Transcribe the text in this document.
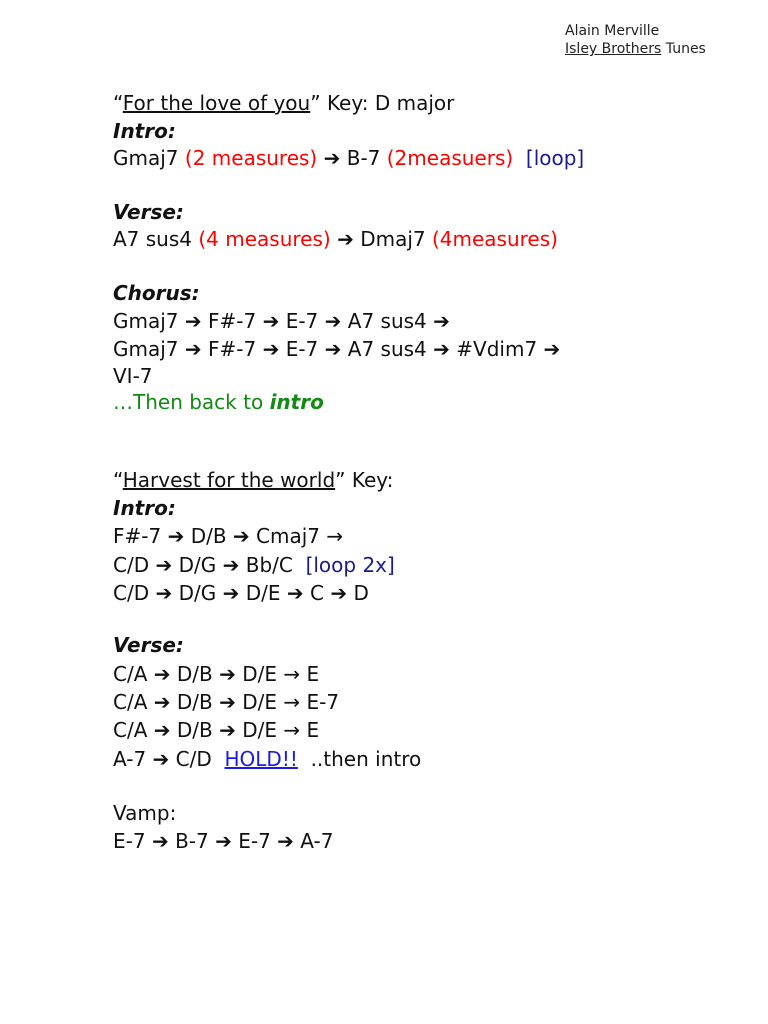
Alain Merville
Isley Brothers Tunes
“For the love of you” Key: D major
Intro:
Gmaj7 (2 measures) ➔ B-7 (2measuers) [loop]
Verse:
A7 sus4 (4 measures) ➔ Dmaj7 (4measures)
Chorus:
Gmaj7 ➔ F#-7 ➔ E-7 ➔ A7 sus4 ➔
Gmaj7 ➔ F#-7 ➔ E-7 ➔ A7 sus4 ➔ #Vdim7 ➔
VI-7
…Then back to intro
“Harvest for the world” Key:
Intro:
F#-7 ➔ D/B ➔ Cmaj7 →
C/D ➔ D/G ➔ Bb/C [loop 2x]
C/D ➔ D/G ➔ D/E ➔ C ➔ D
Verse:
C/A ➔ D/B ➔ D/E → E
C/A ➔ D/B ➔ D/E → E-7
C/A ➔ D/B ➔ D/E → E
A-7 ➔ C/D HOLD!! ..then intro
Vamp:
E-7 ➔ B-7 ➔ E-7 ➔ A-7
